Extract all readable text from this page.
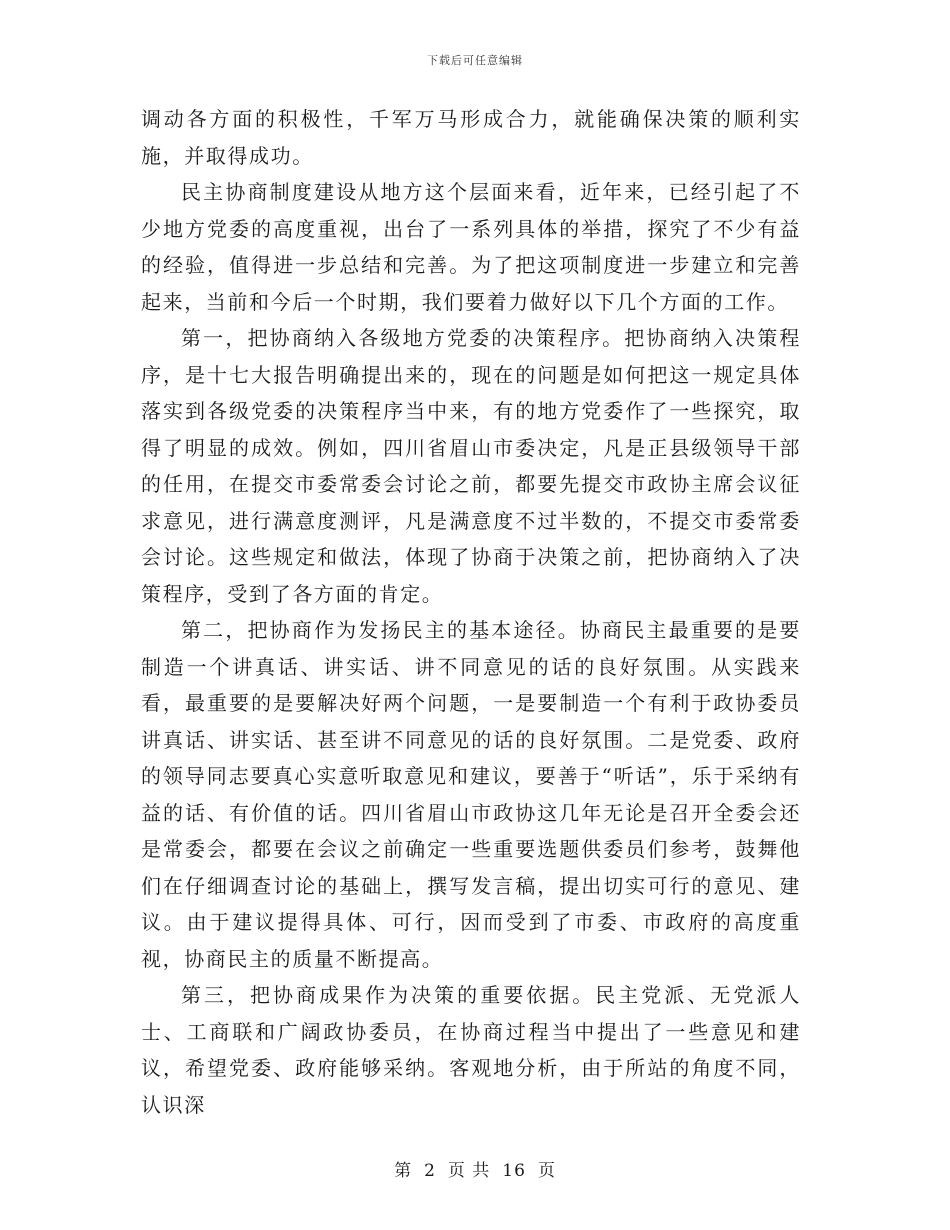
下载后可任意编辑

调动各方面的积极性，千军万马形成合力，就能确保决策的顺利实施，并取得成功。

民主协商制度建设从地方这个层面来看，近年来，已经引起了不少地方党委的高度重视，出台了一系列具体的举措，探究了不少有益的经验，值得进一步总结和完善。为了把这项制度进一步建立和完善起来，当前和今后一个时期，我们要着力做好以下几个方面的工作。

第一，把协商纳入各级地方党委的决策程序。把协商纳入决策程序，是十七大报告明确提出来的，现在的问题是如何把这一规定具体落实到各级党委的决策程序当中来，有的地方党委作了一些探究，取得了明显的成效。例如，四川省眉山市委决定，凡是正县级领导干部的任用，在提交市委常委会讨论之前，都要先提交市政协主席会议征求意见，进行满意度测评，凡是满意度不过半数的，不提交市委常委会讨论。这些规定和做法，体现了协商于决策之前，把协商纳入了决策程序，受到了各方面的肯定。

第二，把协商作为发扬民主的基本途径。协商民主最重要的是要制造一个讲真话、讲实话、讲不同意见的话的良好氛围。从实践来看，最重要的是要解决好两个问题，一是要制造一个有利于政协委员讲真话、讲实话、甚至讲不同意见的话的良好氛围。二是党委、政府的领导同志要真心实意听取意见和建议，要善于“听话”，乐于采纳有益的话、有价值的话。四川省眉山市政协这几年无论是召开全委会还是常委会，都要在会议之前确定一些重要选题供委员们参考，鼓舞他们在仔细调查讨论的基础上，撰写发言稿，提出切实可行的意见、建议。由于建议提得具体、可行，因而受到了市委、市政府的高度重视，协商民主的质量不断提高。

第三，把协商成果作为决策的重要依据。民主党派、无党派人士、工商联和广阔政协委员，在协商过程当中提出了一些意见和建议，希望党委、政府能够采纳。客观地分析，由于所站的角度不同，认识深

第 2 页 共 16 页
